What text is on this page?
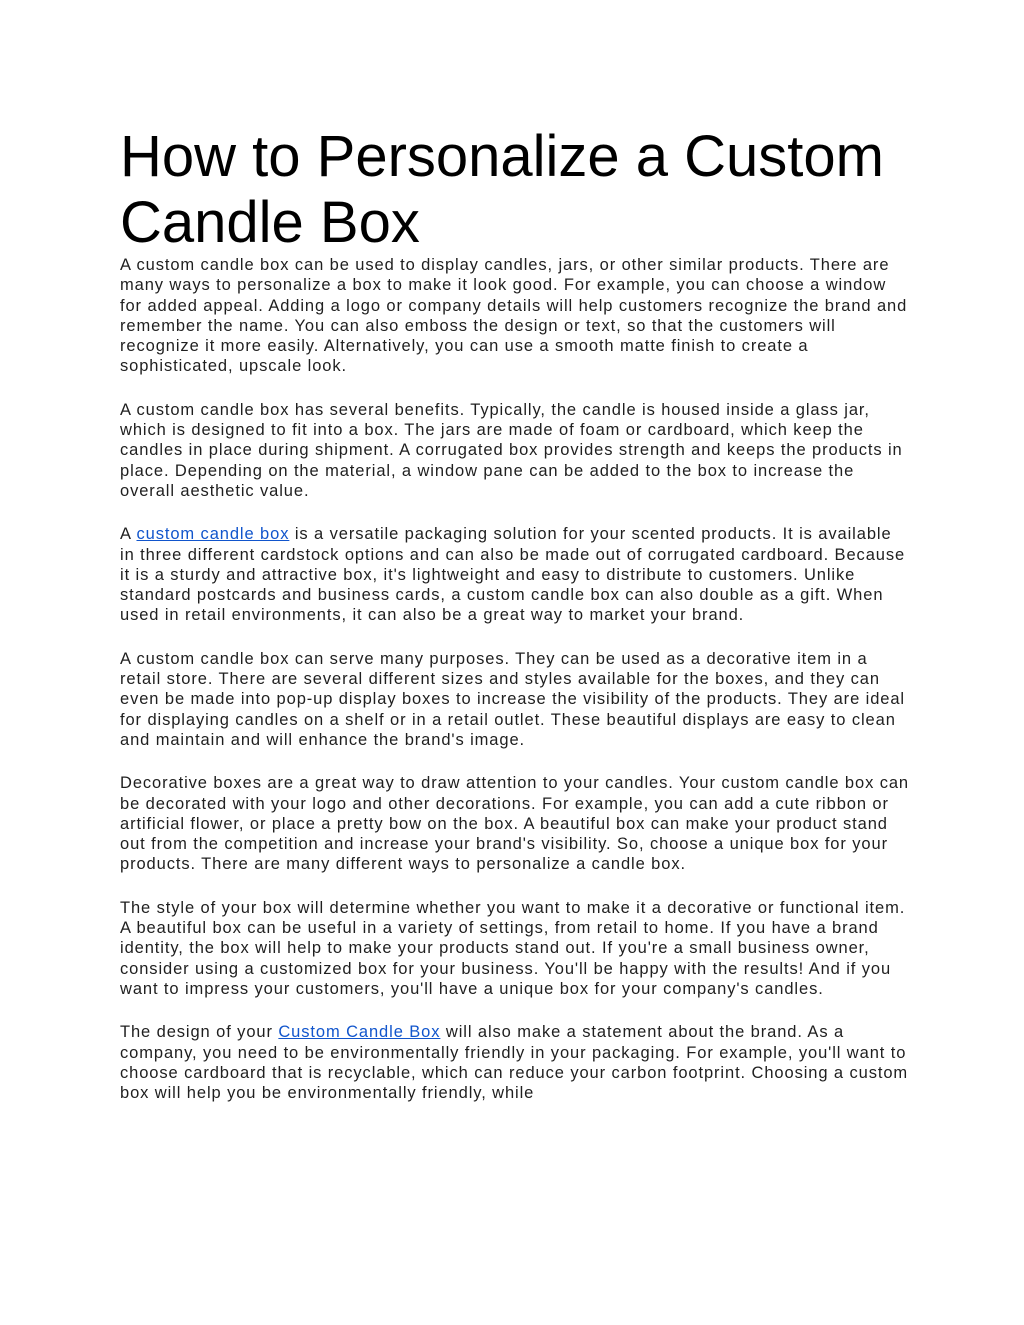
How to Personalize a Custom Candle Box

A custom candle box can be used to display candles, jars, or other similar products. There are many ways to personalize a box to make it look good. For example, you can choose a window for added appeal. Adding a logo or company details will help customers recognize the brand and remember the name. You can also emboss the design or text, so that the customers will recognize it more easily. Alternatively, you can use a smooth matte finish to create a sophisticated, upscale look.

A custom candle box has several benefits. Typically, the candle is housed inside a glass jar, which is designed to fit into a box. The jars are made of foam or cardboard, which keep the candles in place during shipment. A corrugated box provides strength and keeps the products in place. Depending on the material, a window pane can be added to the box to increase the overall aesthetic value.

A custom candle box is a versatile packaging solution for your scented products. It is available in three different cardstock options and can also be made out of corrugated cardboard. Because it is a sturdy and attractive box, it's lightweight and easy to distribute to customers. Unlike standard postcards and business cards, a custom candle box can also double as a gift. When used in retail environments, it can also be a great way to market your brand.

A custom candle box can serve many purposes. They can be used as a decorative item in a retail store. There are several different sizes and styles available for the boxes, and they can even be made into pop-up display boxes to increase the visibility of the products. They are ideal for displaying candles on a shelf or in a retail outlet. These beautiful displays are easy to clean and maintain and will enhance the brand's image.

Decorative boxes are a great way to draw attention to your candles. Your custom candle box can be decorated with your logo and other decorations. For example, you can add a cute ribbon or artificial flower, or place a pretty bow on the box. A beautiful box can make your product stand out from the competition and increase your brand's visibility. So, choose a unique box for your products. There are many different ways to personalize a candle box.

The style of your box will determine whether you want to make it a decorative or functional item. A beautiful box can be useful in a variety of settings, from retail to home. If you have a brand identity, the box will help to make your products stand out. If you're a small business owner, consider using a customized box for your business. You'll be happy with the results! And if you want to impress your customers, you'll have a unique box for your company's candles.

The design of your Custom Candle Box will also make a statement about the brand. As a company, you need to be environmentally friendly in your packaging. For example, you'll want to choose cardboard that is recyclable, which can reduce your carbon footprint. Choosing a custom box will help you be environmentally friendly, while
